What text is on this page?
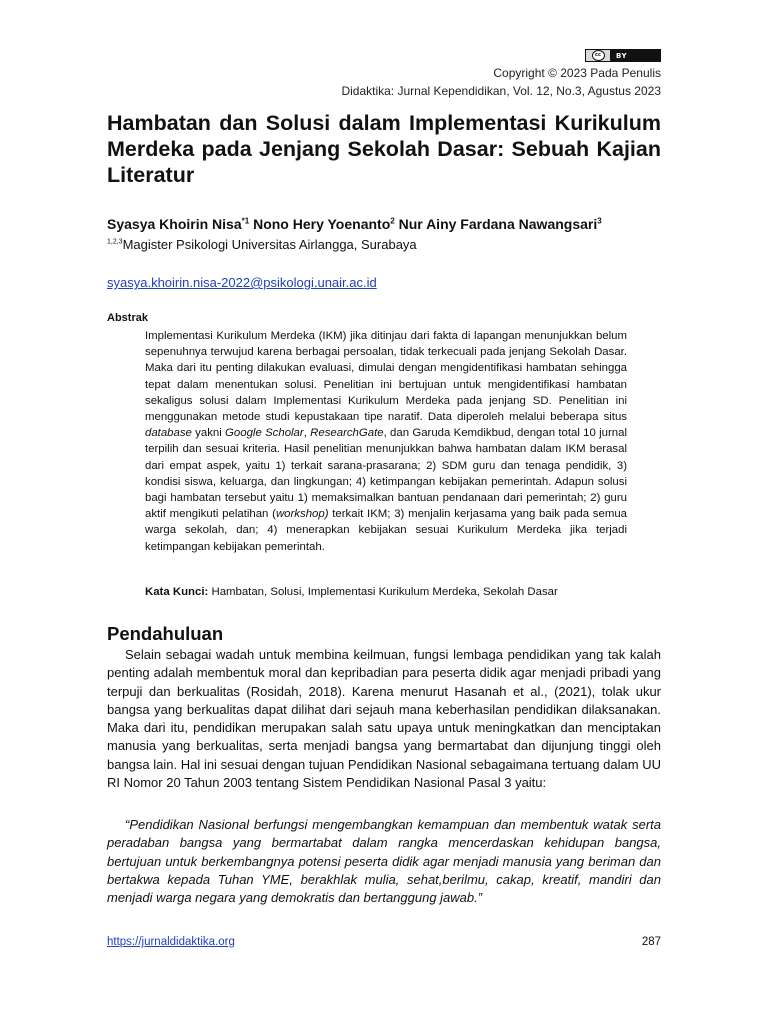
cc	BY
Copyright © 2023 Pada Penulis
Didaktika: Jurnal Kependidikan, Vol. 12, No.3, Agustus 2023
Hambatan dan Solusi dalam Implementasi Kurikulum Merdeka pada Jenjang Sekolah Dasar: Sebuah Kajian Literatur
Syasya Khoirin Nisa$^{*1}$ Nono Hery Yoenanto$^2$ Nur Ainy Fardana Nawangsari$^3$
$^{1,2,3}$Magister Psikologi Universitas Airlangga, Surabaya
syasya.khoirin.nisa-2022@psikologi.unair.ac.id
Abstrak

Implementasi Kurikulum Merdeka (IKM) jika ditinjau dari fakta di lapangan menunjukkan belum sepenuhnya terwujud karena berbagai persoalan, tidak terkecuali pada jenjang Sekolah Dasar. Maka dari itu penting dilakukan evaluasi, dimulai dengan mengidentifikasi hambatan sehingga tepat dalam menentukan solusi. Penelitian ini bertujuan untuk mengidentifikasi hambatan sekaligus solusi dalam Implementasi Kurikulum Merdeka pada jenjang SD. Penelitian ini menggunakan metode studi kepustakaan tipe naratif. Data diperoleh melalui beberapa situs database yakni Google Scholar, ResearchGate, dan Garuda Kemdikbud, dengan total 10 jurnal terpilih dan sesuai kriteria. Hasil penelitian menunjukkan bahwa hambatan dalam IKM berasal dari empat aspek, yaitu 1) terkait sarana-prasarana; 2) SDM guru dan tenaga pendidik, 3) kondisi siswa, keluarga, dan lingkungan; 4) ketimpangan kebijakan pemerintah. Adapun solusi bagi hambatan tersebut yaitu 1) memaksimalkan bantuan pendanaan dari pemerintah; 2) guru aktif mengikuti pelatihan (workshop) terkait IKM; 3) menjalin kerjasama yang baik pada semua warga sekolah, dan; 4) menerapkan kebijakan sesuai Kurikulum Merdeka jika terjadi ketimpangan kebijakan pemerintah.

Kata Kunci: Hambatan, Solusi, Implementasi Kurikulum Merdeka, Sekolah Dasar
Pendahuluan

Selain sebagai wadah untuk membina keilmuan, fungsi lembaga pendidikan yang tak kalah penting adalah membentuk moral dan kepribadian para peserta didik agar menjadi pribadi yang terpuji dan berkualitas (Rosidah, 2018). Karena menurut Hasanah et al., (2021), tolak ukur bangsa yang berkualitas dapat dilihat dari sejauh mana keberhasilan pendidikan dilaksanakan. Maka dari itu, pendidikan merupakan salah satu upaya untuk meningkatkan dan menciptakan manusia yang berkualitas, serta menjadi bangsa yang bermartabat dan dijunjung tinggi oleh bangsa lain. Hal ini sesuai dengan tujuan Pendidikan Nasional sebagaimana tertuang dalam UU RI Nomor 20 Tahun 2003 tentang Sistem Pendidikan Nasional Pasal 3 yaitu:

“Pendidikan Nasional berfungsi mengembangkan kemampuan dan membentuk watak serta peradaban bangsa yang bermartabat dalam rangka mencerdaskan kehidupan bangsa, bertujuan untuk berkembangnya potensi peserta didik agar menjadi manusia yang beriman dan bertakwa kepada Tuhan YME, berakhlak mulia, sehat,berilmu, cakap, kreatif, mandiri dan menjadi warga negara yang demokratis dan bertanggung jawab.”

https://jurnaldidaktika.org	287
